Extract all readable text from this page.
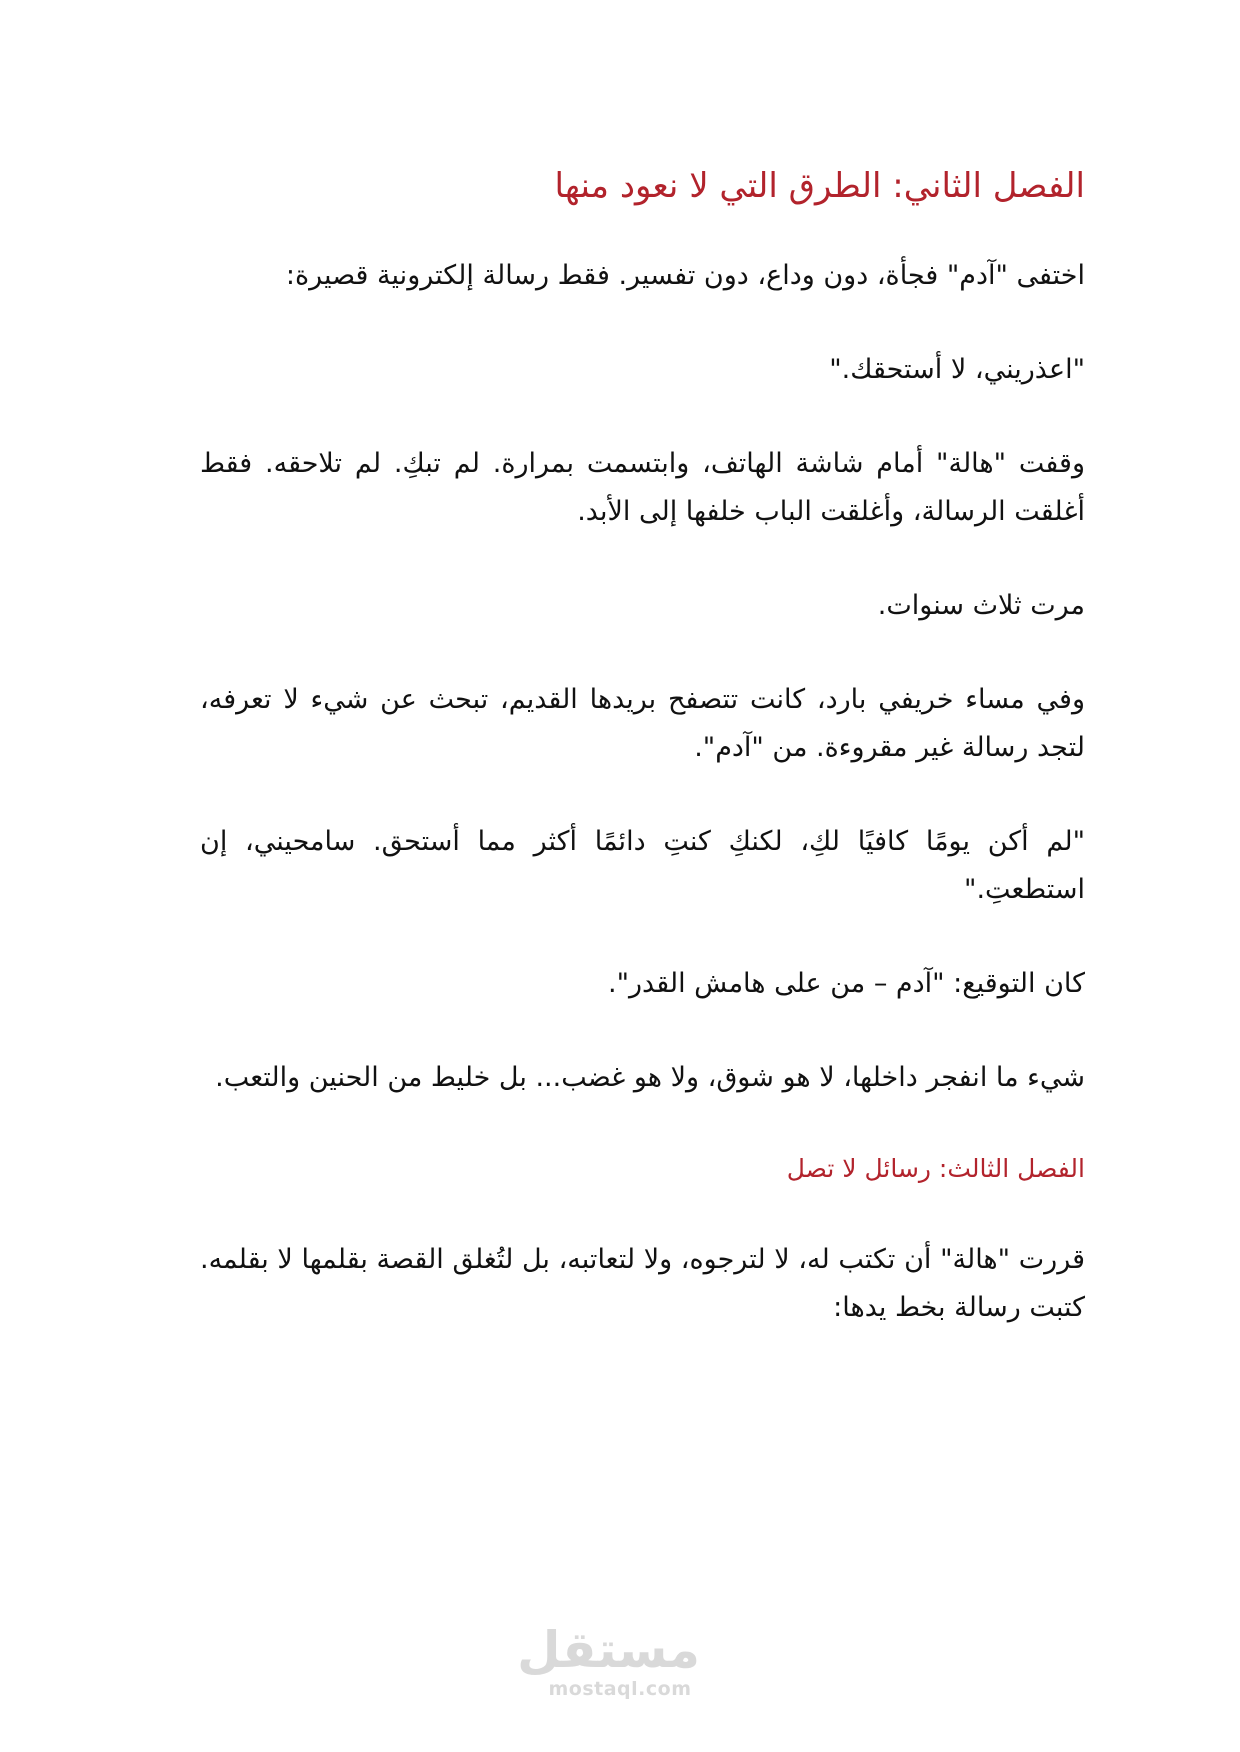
الفصل الثاني: الطرق التي لا نعود منها

اختفى "آدم" فجأة، دون وداع، دون تفسير. فقط رسالة إلكترونية قصيرة:

"اعذريني، لا أستحقك."

وقفت "هالة" أمام شاشة الهاتف، وابتسمت بمرارة. لم تبكِ. لم تلاحقه. فقط أغلقت الرسالة، وأغلقت الباب خلفها إلى الأبد.

مرت ثلاث سنوات.

وفي مساء خريفي بارد، كانت تتصفح بريدها القديم، تبحث عن شيء لا تعرفه، لتجد رسالة غير مقروءة. من "آدم".

"لم أكن يومًا كافيًا لكِ، لكنكِ كنتِ دائمًا أكثر مما أستحق. سامحيني، إن استطعتِ."

كان التوقيع: "آدم – من على هامش القدر".

شيء ما انفجر داخلها، لا هو شوق، ولا هو غضب... بل خليط من الحنين والتعب.

الفصل الثالث: رسائل لا تصل

قررت "هالة" أن تكتب له، لا لترجوه، ولا لتعاتبه، بل لتُغلق القصة بقلمها لا بقلمه. كتبت رسالة بخط يدها:

مستقل
mostaql.com
